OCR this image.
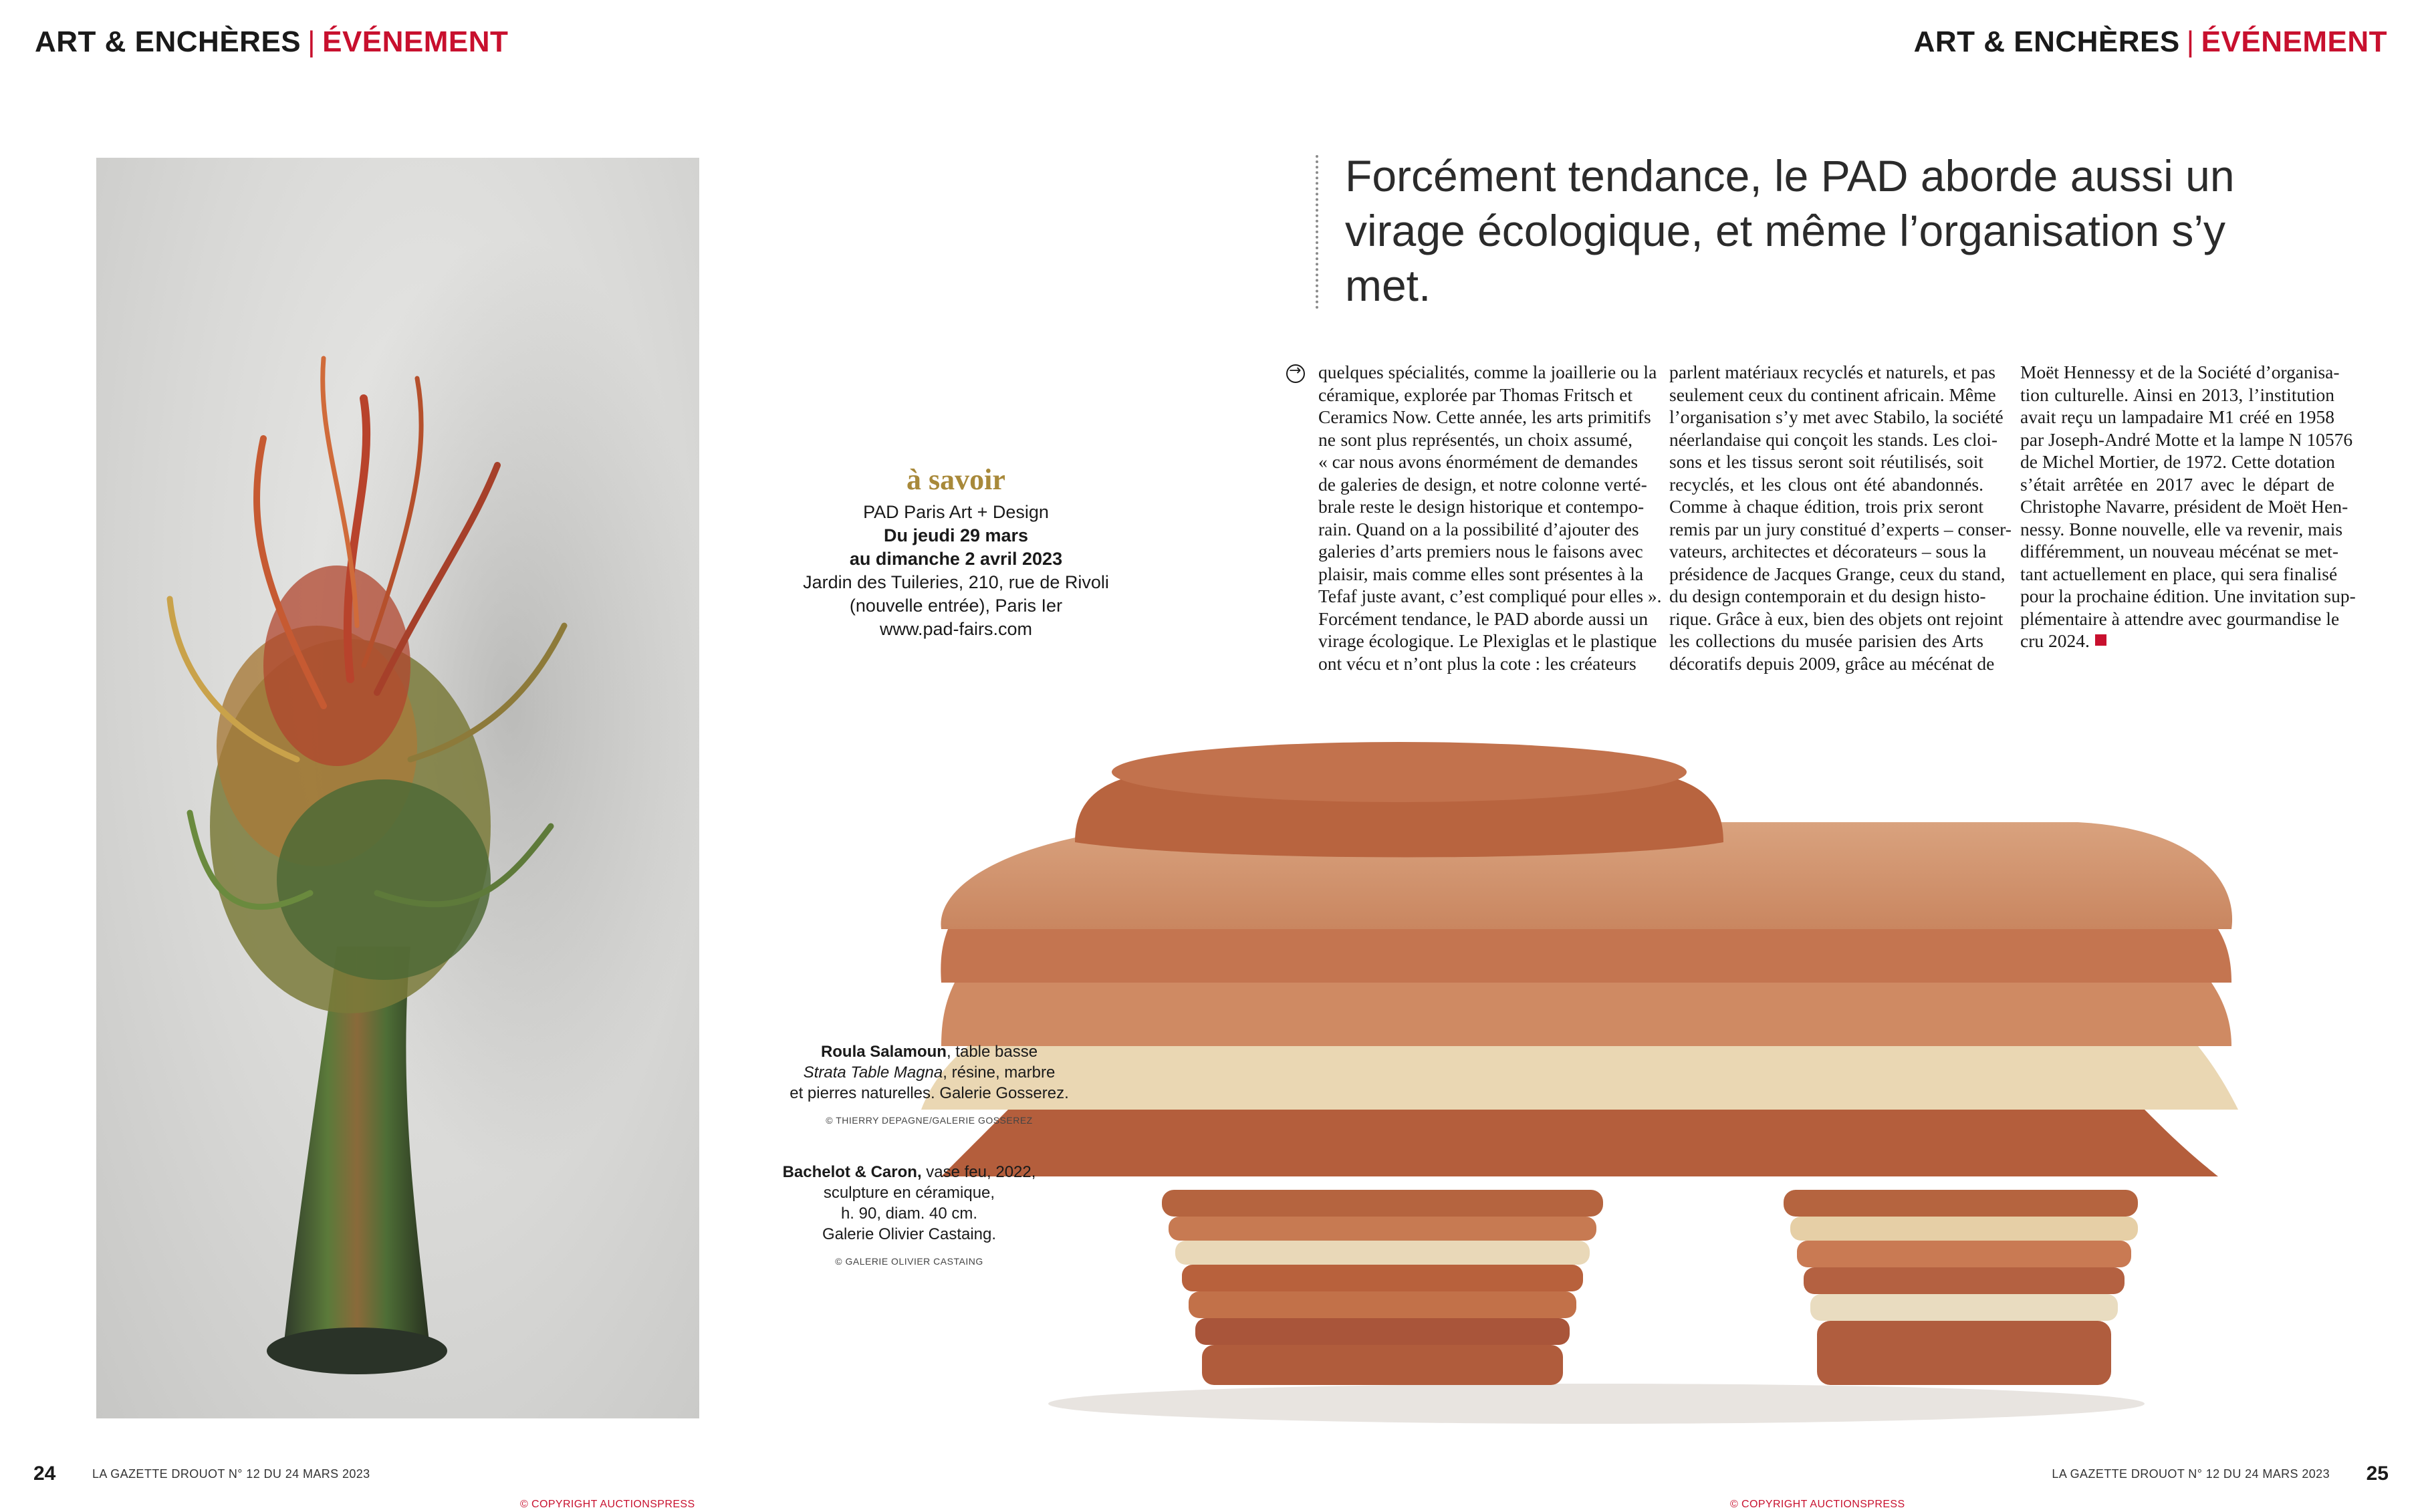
ART & ENCHÈRES | ÉVÉNEMENT	ART & ENCHÈRES | ÉVÉNEMENT
Forcément tendance, le PAD aborde aussi un virage écologique, et même l’organisation s’y met.
à savoir
PAD Paris Art + Design
Du jeudi 29 mars
au dimanche 2 avril 2023
Jardin des Tuileries, 210, rue de Rivoli
(nouvelle entrée), Paris Ier
www.pad-fairs.com
→
quelques spécialités, comme la joaillerie ou la
céramique, explorée par Thomas Fritsch et
Ceramics Now. Cette année, les arts primitifs
ne sont plus représentés, un choix assumé,
« car nous avons énormément de demandes
de galeries de design, et notre colonne verté-
brale reste le design historique et contempo-
rain. Quand on a la possibilité d’ajouter des
galeries d’arts premiers nous le faisons avec
plaisir, mais comme elles sont présentes à la
Tefaf juste avant, c’est compliqué pour elles ».
Forcément tendance, le PAD aborde aussi un
virage écologique. Le Plexiglas et le plastique
ont vécu et n’ont plus la cote : les créateurs
parlent matériaux recyclés et naturels, et pas
seulement ceux du continent africain. Même
l’organisation s’y met avec Stabilo, la société
néerlandaise qui conçoit les stands. Les cloi-
sons et les tissus seront soit réutilisés, soit
recyclés, et les clous ont été abandonnés.
Comme à chaque édition, trois prix seront
remis par un jury constitué d’experts – conser-
vateurs, architectes et décorateurs – sous la
présidence de Jacques Grange, ceux du stand,
du design contemporain et du design histo-
rique. Grâce à eux, bien des objets ont rejoint
les collections du musée parisien des Arts
décoratifs depuis 2009, grâce au mécénat de
Moët Hennessy et de la Société d’organisa-
tion culturelle. Ainsi en 2013, l’institution
avait reçu un lampadaire M1 créé en 1958
par Joseph-André Motte et la lampe N 10576
de Michel Mortier, de 1972. Cette dotation
s’était arrêtée en 2017 avec le départ de
Christophe Navarre, président de Moët Hen-
nessy. Bonne nouvelle, elle va revenir, mais
différemment, un nouveau mécénat se met-
tant actuellement en place, qui sera finalisé
pour la prochaine édition. Une invitation sup-
plémentaire à attendre avec gourmandise le
cru 2024.
Roula Salamoun, table basse
Strata Table Magna, résine, marbre
et pierres naturelles. Galerie Gosserez.
© THIERRY DEPAGNE/GALERIE GOSSEREZ
Bachelot & Caron, vase feu, 2022,
sculpture en céramique,
h. 90, diam. 40 cm.
Galerie Olivier Castaing.
© GALERIE OLIVIER CASTAING
24	LA GAZETTE DROUOT N° 12 DU 24 MARS 2023	LA GAZETTE DROUOT N° 12 DU 24 MARS 2023 25
© COPYRIGHT AUCTIONSPRESS	© COPYRIGHT AUCTIONSPRESS
